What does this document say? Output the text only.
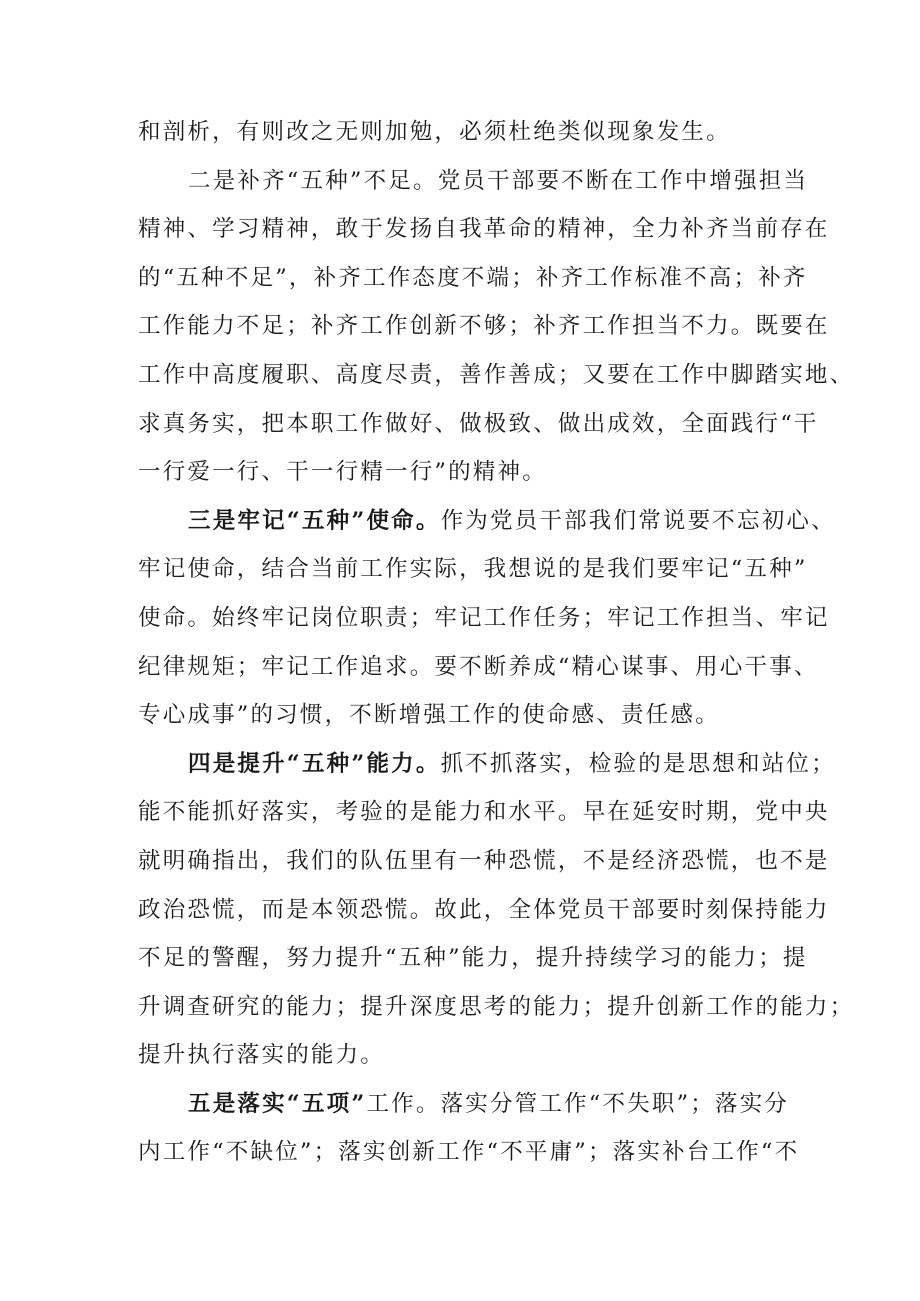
和剖析，有则改之无则加勉，必须杜绝类似现象发生。
二是补齐“五种”不足。党员干部要不断在工作中增强担当
精神、学习精神，敢于发扬自我革命的精神，全力补齐当前存在
的“五种不足”，补齐工作态度不端；补齐工作标准不高；补齐
工作能力不足；补齐工作创新不够；补齐工作担当不力。既要在
工作中高度履职、高度尽责，善作善成；又要在工作中脚踏实地、
求真务实，把本职工作做好、做极致、做出成效，全面践行“干
一行爱一行、干一行精一行”的精神。
三是牢记“五种”使命。作为党员干部我们常说要不忘初心、
牢记使命，结合当前工作实际，我想说的是我们要牢记“五种”
使命。始终牢记岗位职责；牢记工作任务；牢记工作担当、牢记
纪律规矩；牢记工作追求。要不断养成“精心谋事、用心干事、
专心成事”的习惯，不断增强工作的使命感、责任感。
四是提升“五种”能力。抓不抓落实，检验的是思想和站位；
能不能抓好落实，考验的是能力和水平。早在延安时期，党中央
就明确指出，我们的队伍里有一种恐慌，不是经济恐慌，也不是
政治恐慌，而是本领恐慌。故此，全体党员干部要时刻保持能力
不足的警醒，努力提升“五种”能力，提升持续学习的能力；提
升调查研究的能力；提升深度思考的能力；提升创新工作的能力；
提升执行落实的能力。
五是落实“五项”工作。落实分管工作“不失职”；落实分
内工作“不缺位”；落实创新工作“不平庸”；落实补台工作“不
